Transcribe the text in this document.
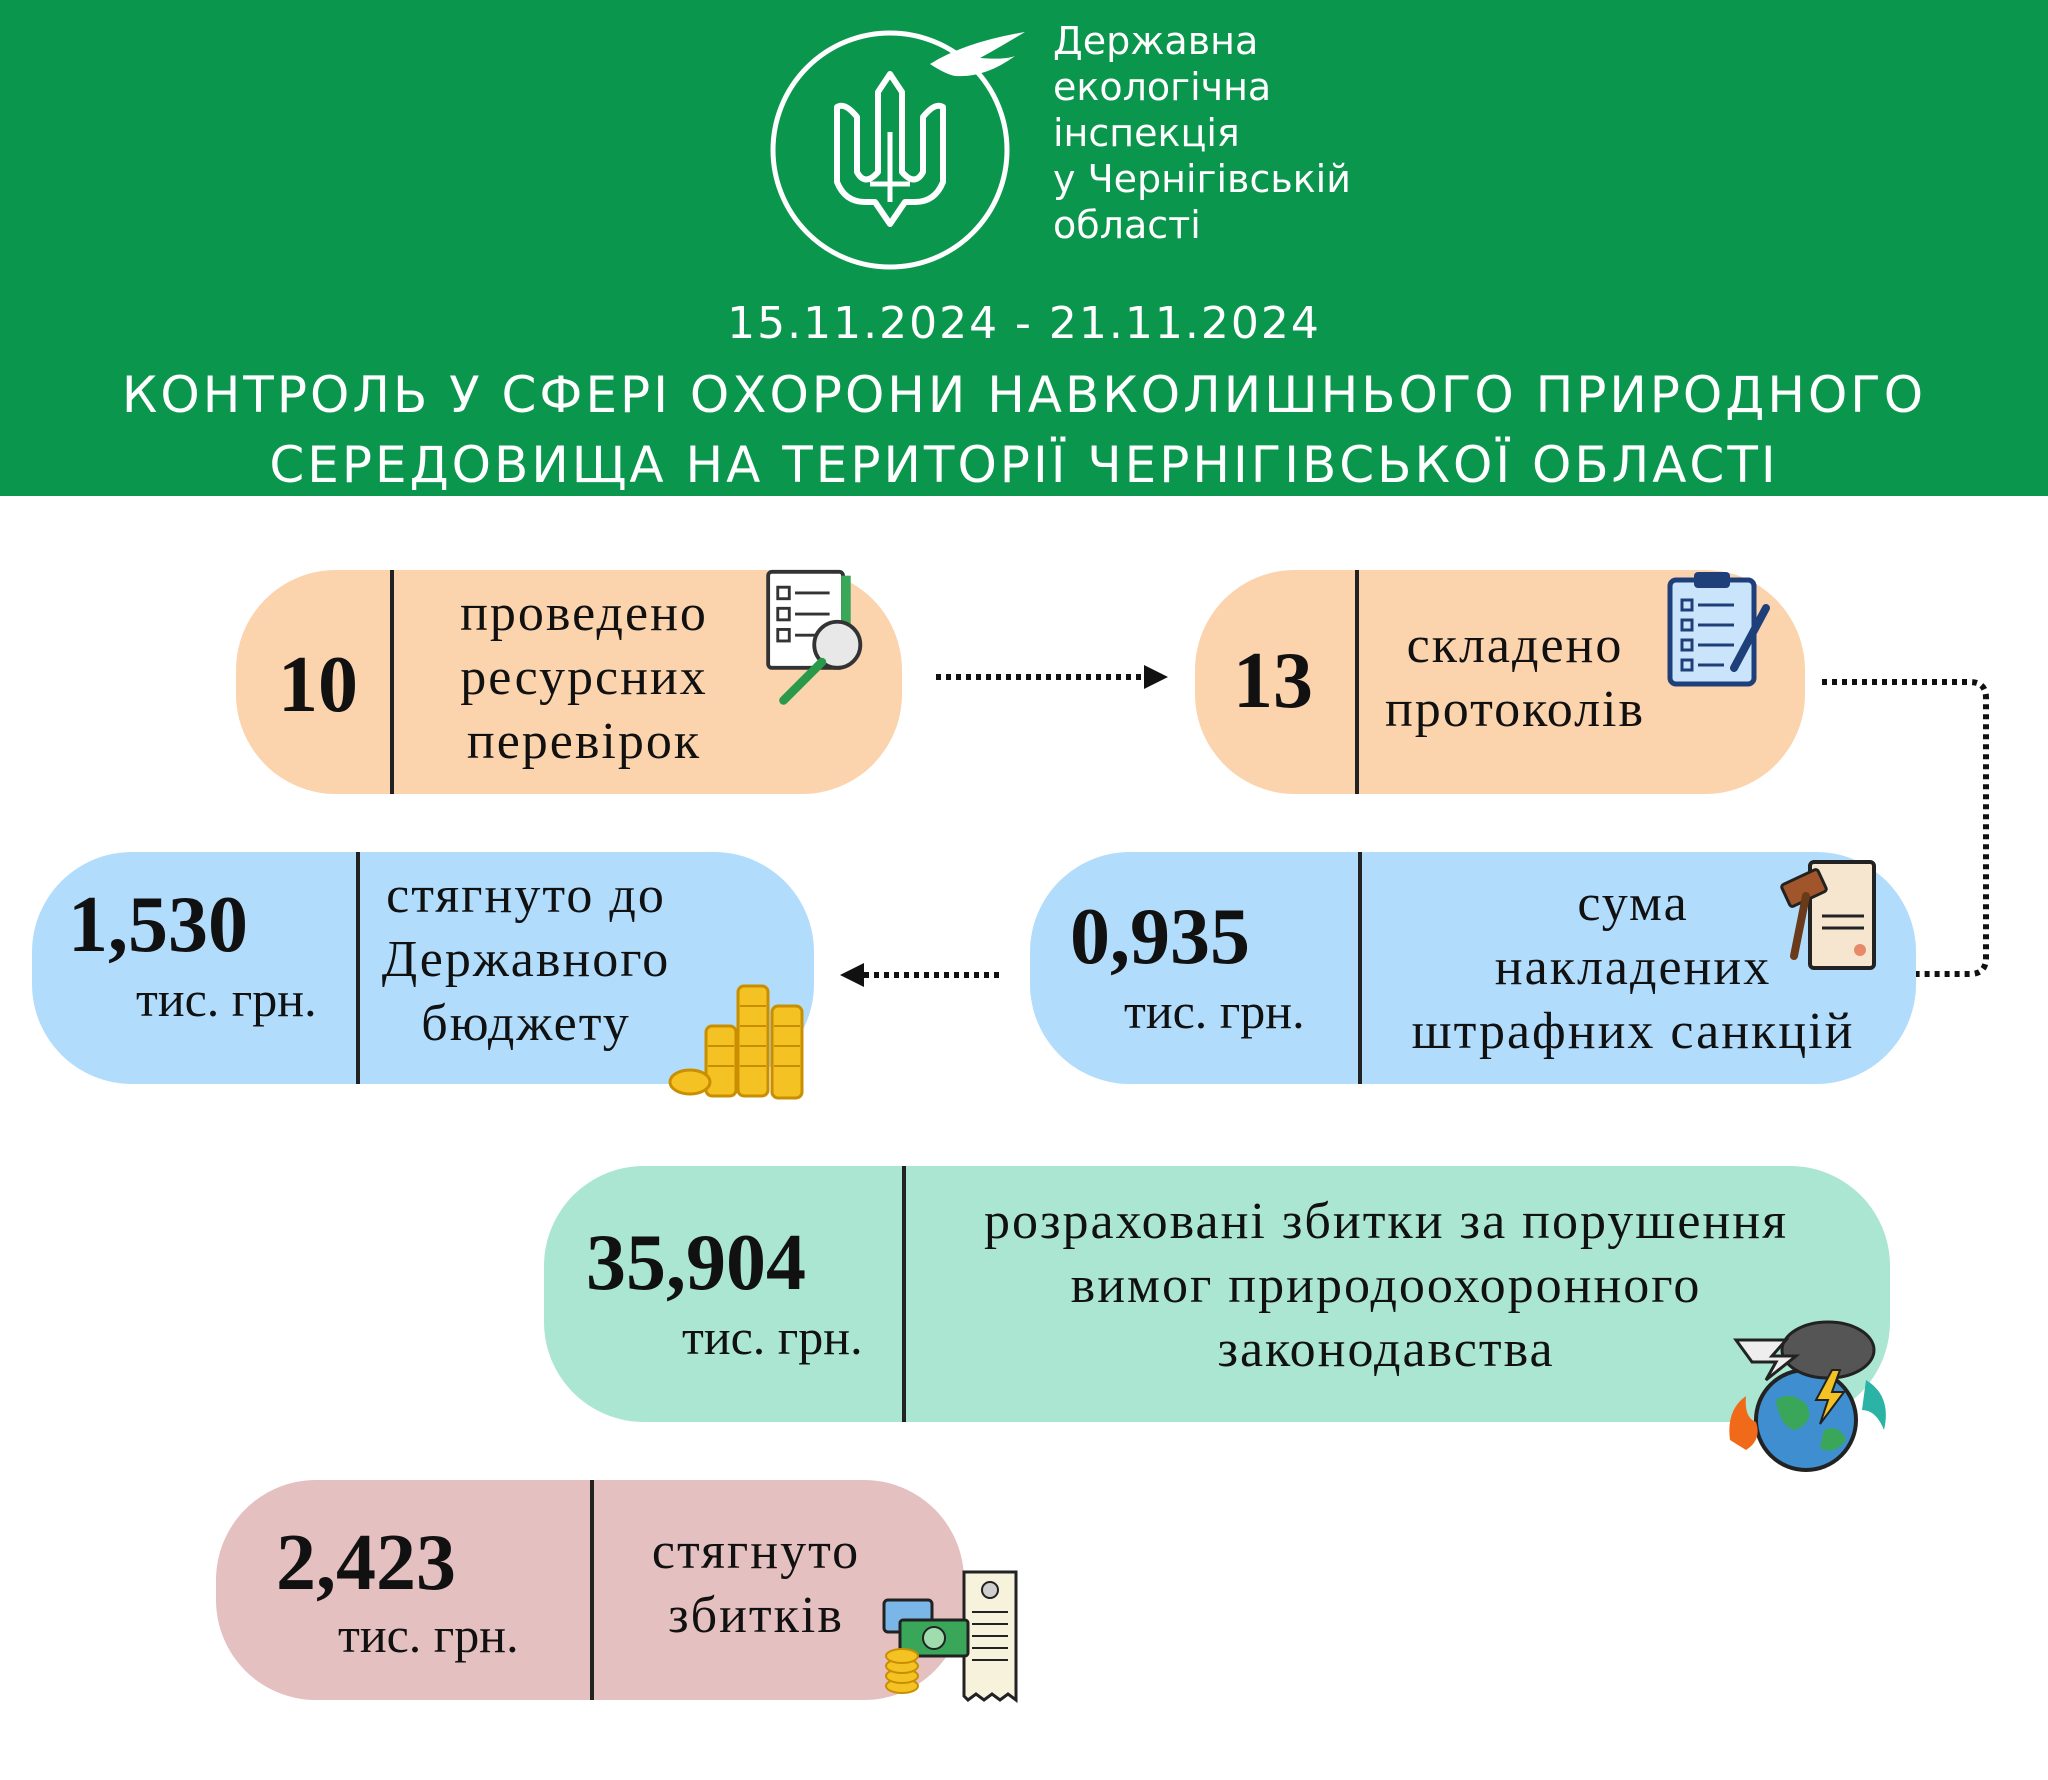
Державна
екологічна
інспекція
у Чернігівській
області
15.11.2024 - 21.11.2024
КОНТРОЛЬ У СФЕРІ ОХОРОНИ НАВКОЛИШНЬОГО ПРИРОДНОГО
СЕРЕДОВИЩА НА ТЕРИТОРІЇ ЧЕРНІГІВСЬКОЇ ОБЛАСТІ
10
проведено
ресурсних
перевірок
13	складено
протоколів
0,935
тис. грн.
сума
накладених
штрафних санкцій
1,530
тис. грн.
стягнуто до
Державного
бюджету
35,904
тис. грн.
розраховані збитки за порушення
вимог природоохоронного
законодавства
2,423
тис. грн.
стягнуто
збитків
